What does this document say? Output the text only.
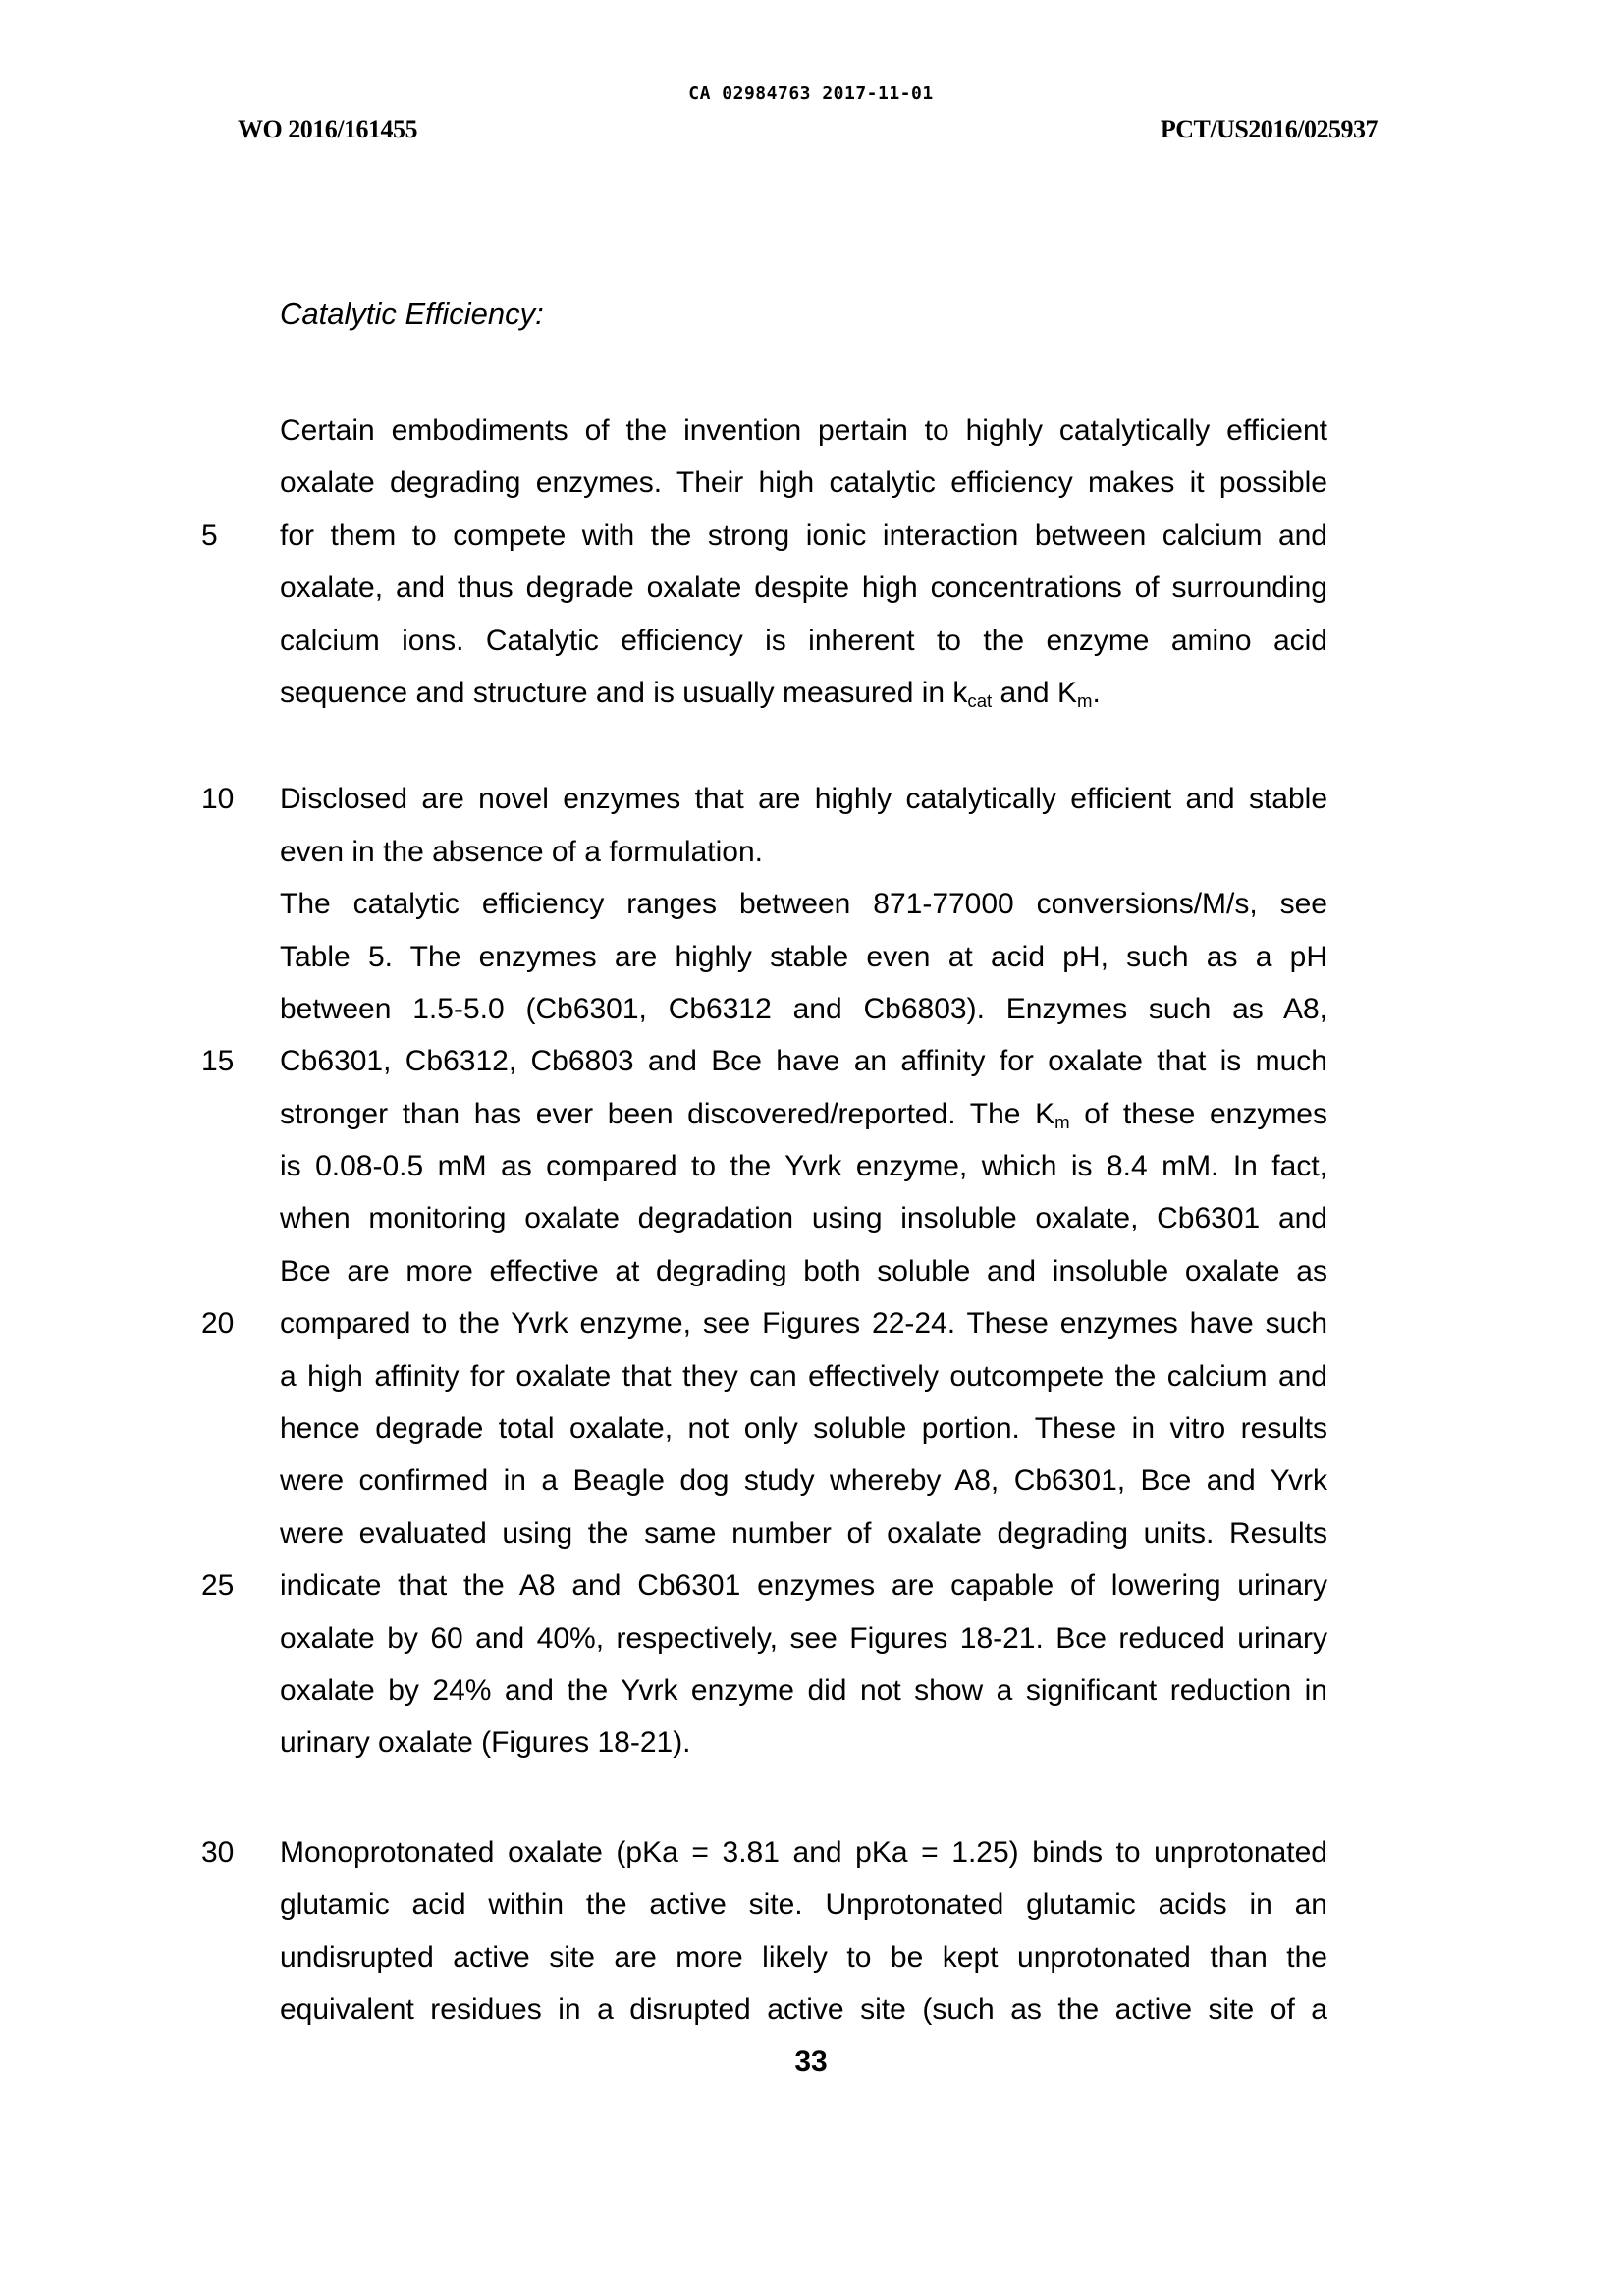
CA 02984763 2017-11-01
WO 2016/161455	PCT/US2016/025937
Catalytic Efficiency:
Certain embodiments of the invention pertain to highly catalytically efficient
oxalate degrading enzymes. Their high catalytic efficiency makes it possible
5	for them to compete with the strong ionic interaction between calcium and
oxalate, and thus degrade oxalate despite high concentrations of surrounding
calcium ions. Catalytic efficiency is inherent to the enzyme amino acid
sequence and structure and is usually measured in $k_{cat}$ and $K_m$.
10 Disclosed are novel enzymes that are highly catalytically efficient and stable
even in the absence of a formulation.
The catalytic efficiency ranges between 871-77000 conversions/M/s, see
Table 5. The enzymes are highly stable even at acid pH, such as a pH
between 1.5-5.0 (Cb6301, Cb6312 and Cb6803). Enzymes such as A8,
15 Cb6301, Cb6312, Cb6803 and Bce have an affinity for oxalate that is much
stronger than has ever been discovered/reported. The $K_m$ of these enzymes
is 0.08-0.5 mM as compared to the Yvrk enzyme, which is 8.4 mM. In fact,
when monitoring oxalate degradation using insoluble oxalate, Cb6301 and
Bce are more effective at degrading both soluble and insoluble oxalate as
20 compared to the Yvrk enzyme, see Figures 22-24. These enzymes have such
a high affinity for oxalate that they can effectively outcompete the calcium and
hence degrade total oxalate, not only soluble portion. These in vitro results
were confirmed in a Beagle dog study whereby A8, Cb6301, Bce and Yvrk
were evaluated using the same number of oxalate degrading units. Results
25 indicate that the A8 and Cb6301 enzymes are capable of lowering urinary
oxalate by 60 and 40%, respectively, see Figures 18-21. Bce reduced urinary
oxalate by 24% and the Yvrk enzyme did not show a significant reduction in
urinary oxalate (Figures 18-21).
30 Monoprotonated oxalate (pKa = 3.81 and pKa = 1.25) binds to unprotonated
glutamic acid within the active site. Unprotonated glutamic acids in an
undisrupted active site are more likely to be kept unprotonated than the
equivalent residues in a disrupted active site (such as the active site of a
33
